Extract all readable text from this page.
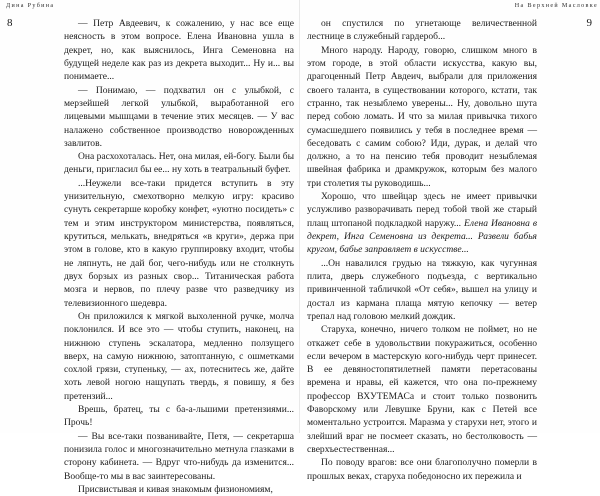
Дина Рубина
8	— Петр Авдеевич, к сожалению, у нас все еще неясность в этом вопросе. Елена Ивановна ушла в декрет, но, как выяснилось, Инга Семеновна на будущей неделе как раз из декрета выходит... Ну и... вы понимаете...

— Понимаю, — подхватил он с улыбкой, с мерзейшей легкой улыбкой, выработанной его лицевыми мышцами в течение этих месяцев. — У вас налажено собственное производство новорожденных завлитов.

Она расхохоталась. Нет, она милая, ей-богу. Были бы деньги, пригласил бы ее... ну хоть в театральный буфет.

...Неужели все-таки придется вступить в эту унизительную, смехотворно мелкую игру: красиво сунуть секретарше коробку конфет, «уютно посидеть» с тем и этим инструктором министерства, появляться, крутиться, мелькать, внедряться «в круги», держа при этом в голове, кто в какую группировку входит, чтобы не ляпнуть, не дай бог, чего-нибудь или не столкнуть двух борзых из разных свор... Титаническая работа мозга и нервов, по плечу разве что разведчику из телевизионного шедевра.

Он приложился к мягкой выхоленной ручке, молча поклонился. И все это — чтобы ступить, наконец, на нижнюю ступень эскалатора, медленно ползущего вверх, на самую нижнюю, затоптанную, с ошметками сохлой грязи, ступеньку, — ах, потеснитесь же, дайте хоть левой ногою нащупать твердь, я повишу, я без претензий...

Врешь, братец, ты с ба-а-льшими претензиями... Прочь!

— Вы все-таки позванивайте, Петя, — секретарша понизила голос и многозначительно метнула глазками в сторону кабинета. — Вдруг что-нибудь да изменится... Вообще-то мы в вас заинтересованы.

Присвистывая и кивая знакомым физиономиям,

На Верхней Масловке
9

он спустился по угнетающе величественной лестнице в служебный гардероб...

Много народу. Народу, говорю, слишком много в этом городе, в этой области искусства, какую вы, драгоценный Петр Авдеич, выбрали для приложения своего таланта, в существовании которого, кстати, так странно, так незыблемо уверены... Ну, довольно шута перед собою ломать. И что за милая привычка тихого сумасшедшего появились у тебя в последнее время — беседовать с самим собою? Иди, дурак, и делай что должно, а то на пенсию тебя проводит незыблемая швейная фабрика и драмкружок, которым без малого три столетия ты руководишь...

Хорошо, что швейцар здесь не имеет привычки услужливо разворачивать перед тобой твой же старый плащ штопаной подкладкой наружу... Елена Ивановна в декрет, Инга Семеновна из декрета... Развели бабья кругом, бабье заправляет в искусстве...

...Он навалился грудью на тяжкую, как чугунная плита, дверь служебного подъезда, с вертикально привинченной табличкой «От себя», вышел на улицу и достал из кармана плаща мятую кепочку — ветер трепал над головою мелкий дождик.

Старуха, конечно, ничего толком не поймет, но не откажет себе в удовольствии покуражиться, особенно если вечером в мастерскую кого-нибудь черт принесет. В ее девяностопятилетней памяти перетасованы времена и нравы, ей кажется, что она по-прежнему профессор ВХУТЕМАСа и стоит только позвонить Фаворскому или Левушке Бруни, как с Петей все моментально устроится. Маразма у старухи нет, этого и злейший враг не посмеет сказать, но бестолковость — сверхъестественная...

По поводу врагов: все они благополучно померли в прошлых веках, старуха победоносно их пережила и
